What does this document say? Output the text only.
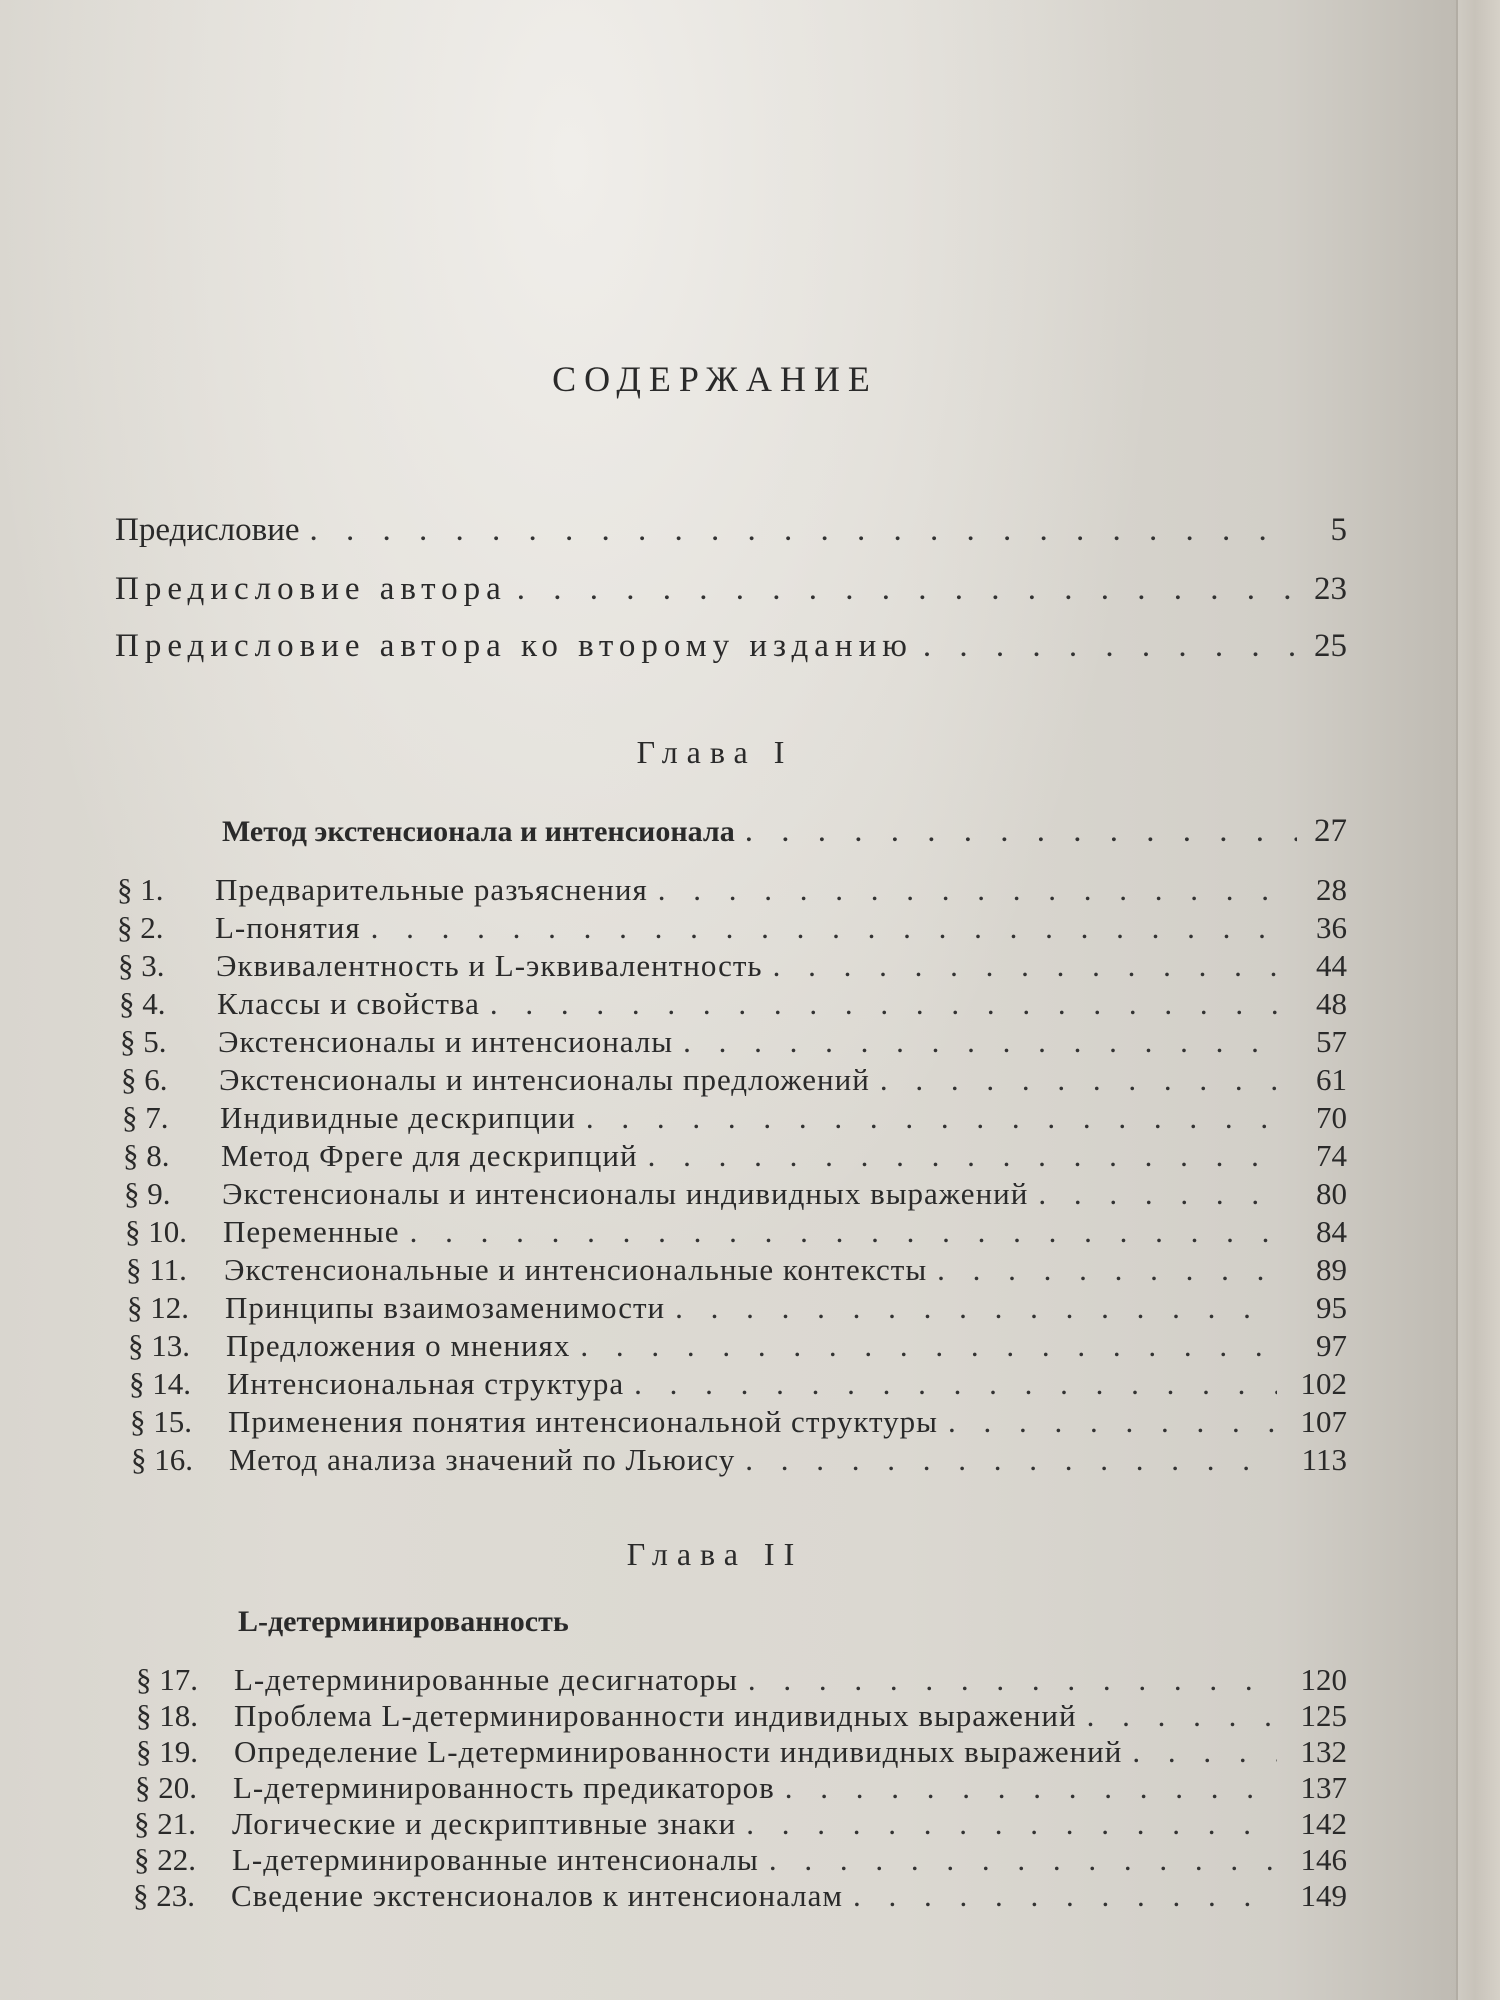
СОДЕРЖАНИЕ
Предисловие . . .	5
Предисловие автора . . .	23
Предисловие автора ко второму изданию . . .	25
Глава I
Метод экстенсионала и интенсионала . . .	27
§ 1.	Предварительные разъяснения . . .	28
§ 2.	L-понятия . . .	36
§ 3.	Эквивалентность и L-эквивалентность . . .	44
§ 4.	Классы и свойства . . .	48
§ 5.	Экстенсионалы и интенсионалы . . .	57
§ 6.	Экстенсионалы и интенсионалы предложений . . .	61
§ 7.	Индивидные дескрипции . . .	70
§ 8.	Метод Фреге для дескрипций . . .	74
§ 9.	Экстенсионалы и интенсионалы индивидных выражений . . .	80
§ 10.	Переменные . . .	84
§ 11.	Экстенсиональные и интенсиональные контексты . . .	89
§ 12.	Принципы взаимозаменимости . . .	95
§ 13.	Предложения о мнениях . . .	97
§ 14.	Интенсиональная структура . . .	102
§ 15.	Применения понятия интенсиональной структуры . . .	107
§ 16.	Метод анализа значений по Льюису . . .	113
Глава II
L-детерминированность
§ 17.	L-детерминированные десигнаторы . . .	120
§ 18.	Проблема L-детерминированности индивидных выражений . . .	125
§ 19.	Определение L-детерминированности индивидных выражений . . .	132
§ 20.	L-детерминированность предикаторов . . .	137
§ 21.	Логические и дескриптивные знаки . . .	142
§ 22.	L-детерминированные интенсионалы . . .	146
§ 23.	Сведение экстенсионалов к интенсионалам . . .	149
